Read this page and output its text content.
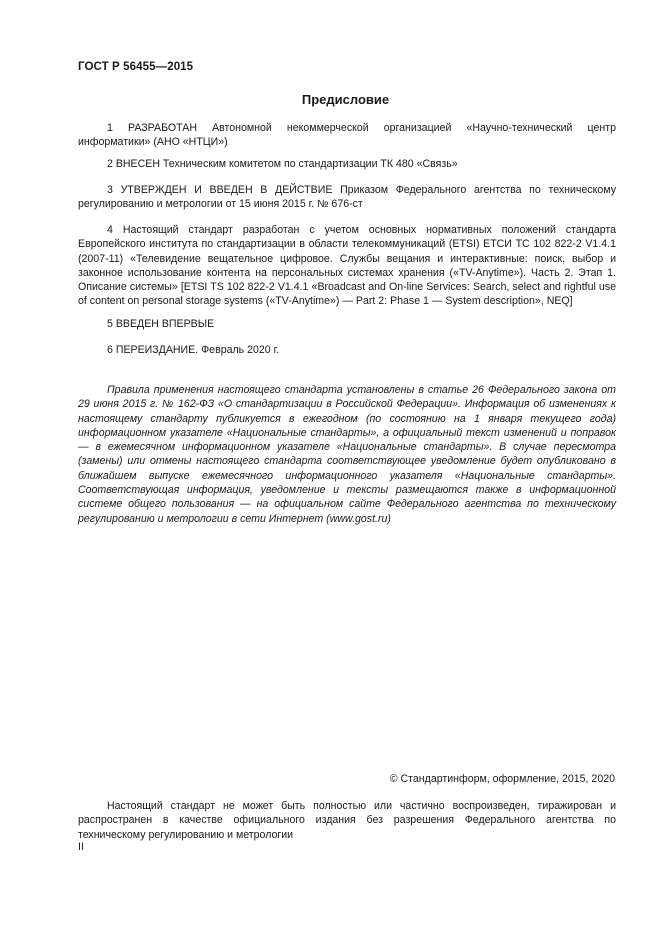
ГОСТ Р 56455—2015
Предисловие

1 РАЗРАБОТАН Автономной некоммерческой организацией «Научно-технический центр информатики» (АНО «НТЦИ»)

2 ВНЕСЕН Техническим комитетом по стандартизации ТК 480 «Связь»

3 УТВЕРЖДЕН И ВВЕДЕН В ДЕЙСТВИЕ Приказом Федерального агентства по техническому регулированию и метрологии от 15 июня 2015 г. № 676-ст

4 Настоящий стандарт разработан с учетом основных нормативных положений стандарта Европейского института по стандартизации в области телекоммуникаций (ETSI) ЕТСИ ТС 102 822-2 V1.4.1 (2007-11) «Телевидение вещательное цифровое. Службы вещания и интерактивные: поиск, выбор и законное использование контента на персональных системах хранения («TV-Anytime»). Часть 2. Этап 1. Описание системы» [ETSI TS 102 822-2 V1.4.1 «Broadcast and On-line Services: Search, select and rightful use of content on personal storage systems («TV-Anytime») — Part 2: Phase 1 — System description», NEQ]

5 ВВЕДЕН ВПЕРВЫЕ

6 ПЕРЕИЗДАНИЕ. Февраль 2020 г.

Правила применения настоящего стандарта установлены в статье 26 Федерального закона от 29 июня 2015 г. № 162-ФЗ «О стандартизации в Российской Федерации». Информация об изменениях к настоящему стандарту публикуется в ежегодном (по состоянию на 1 января текущего года) информационном указателе «Национальные стандарты», а официальный текст изменений и поправок — в ежемесячном информационном указателе «Национальные стандарты». В случае пересмотра (замены) или отмены настоящего стандарта соответствующее уведомление будет опубликовано в ближайшем выпуске ежемесячного информационного указателя «Национальные стандарты». Соответствующая информация, уведомление и тексты размещаются также в информационной системе общего пользования — на официальном сайте Федерального агентства по техническому регулированию и метрологии в сети Интернет (www.gost.ru)

© Стандартинформ, оформление, 2015, 2020

Настоящий стандарт не может быть полностью или частично воспроизведен, тиражирован и распространен в качестве официального издания без разрешения Федерального агентства по техническому регулированию и метрологии

II
